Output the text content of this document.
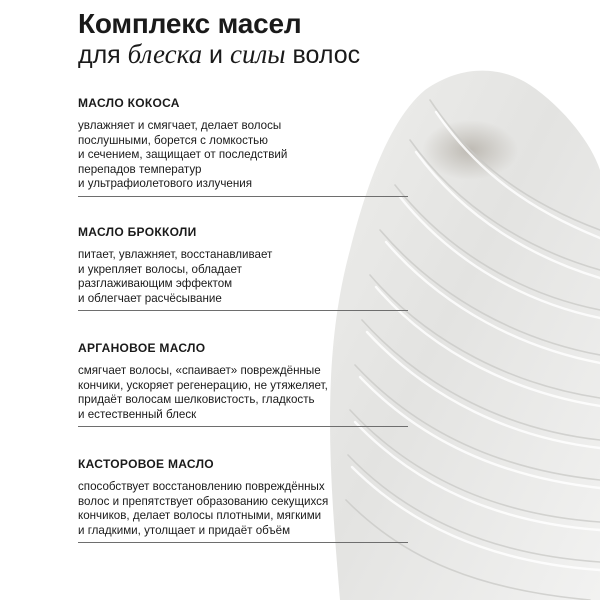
Комплекс масел

для блеска и силы волос

МАСЛО КОКОСА

увлажняет и смягчает, делает волосы
послушными, борется с ломкостью
и сечением, защищает от последствий
перепадов температур
и ультрафиолетового излучения

МАСЛО БРОККОЛИ

питает, увлажняет, восстанавливает
и укрепляет волосы, обладает
разглаживающим эффектом
и облегчает расчёсывание

АРГАНОВОЕ МАСЛО

смягчает волосы, «спаивает» повреждённые
кончики, ускоряет регенерацию, не утяжеляет,
придаёт волосам шелковистость, гладкость
и естественный блеск

КАСТОРОВОЕ МАСЛО

способствует восстановлению повреждённых
волос и препятствует образованию секущихся
кончиков, делает волосы плотными, мягкими
и гладкими, утолщает и придаёт объём
